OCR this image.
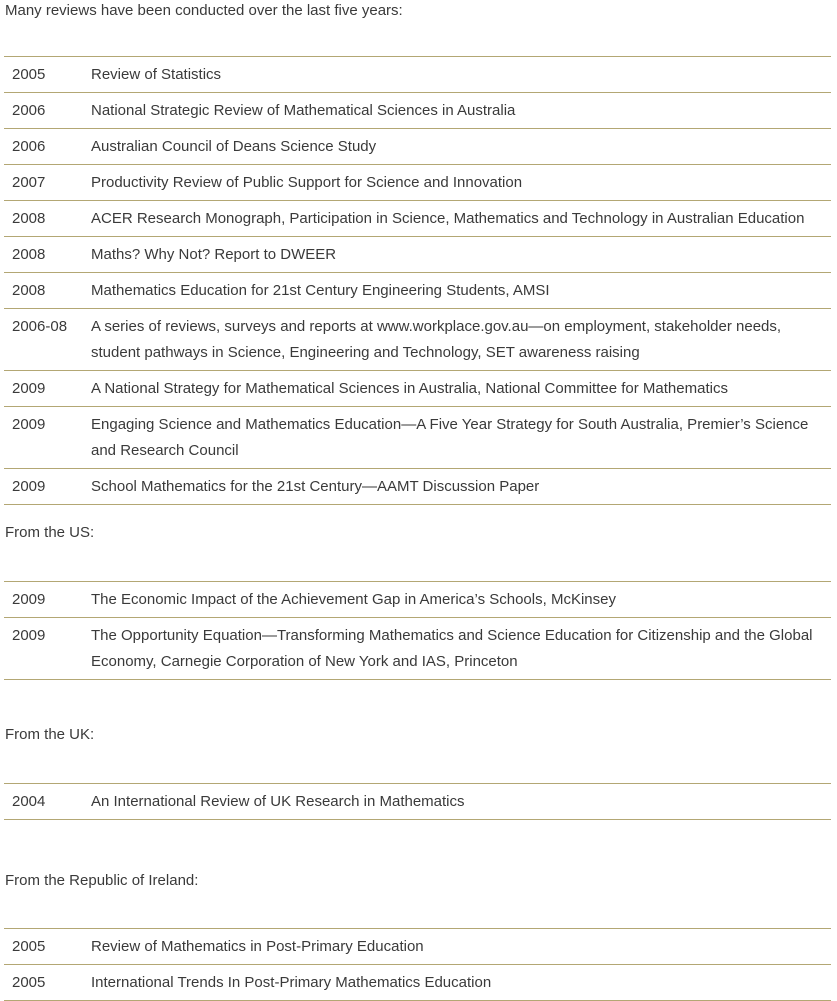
Many reviews have been conducted over the last five years:

2005	Review of Statistics
2006	National Strategic Review of Mathematical Sciences in Australia
2006	Australian Council of Deans Science Study
2007	Productivity Review of Public Support for Science and Innovation
2008	ACER Research Monograph, Participation in Science, Mathematics and Technology in Australian Education
2008	Maths? Why Not? Report to DWEER
2008	Mathematics Education for 21st Century Engineering Students, AMSI
2006-08	A series of reviews, surveys and reports at www.workplace.gov.au—on employment, stakeholder needs, student pathways in Science, Engineering and Technology, SET awareness raising
2009	A National Strategy for Mathematical Sciences in Australia, National Committee for Mathematics
2009	Engaging Science and Mathematics Education—A Five Year Strategy for South Australia, Premier’s Science and Research Council
2009	School Mathematics for the 21st Century—AAMT Discussion Paper

From the US:

2009	The Economic Impact of the Achievement Gap in America’s Schools, McKinsey
2009	The Opportunity Equation—Transforming Mathematics and Science Education for Citizenship and the Global Economy, Carnegie Corporation of New York and IAS, Princeton

From the UK:

2004	An International Review of UK Research in Mathematics

From the Republic of Ireland:

2005	Review of Mathematics in Post-Primary Education
2005	International Trends In Post-Primary Mathematics Education
